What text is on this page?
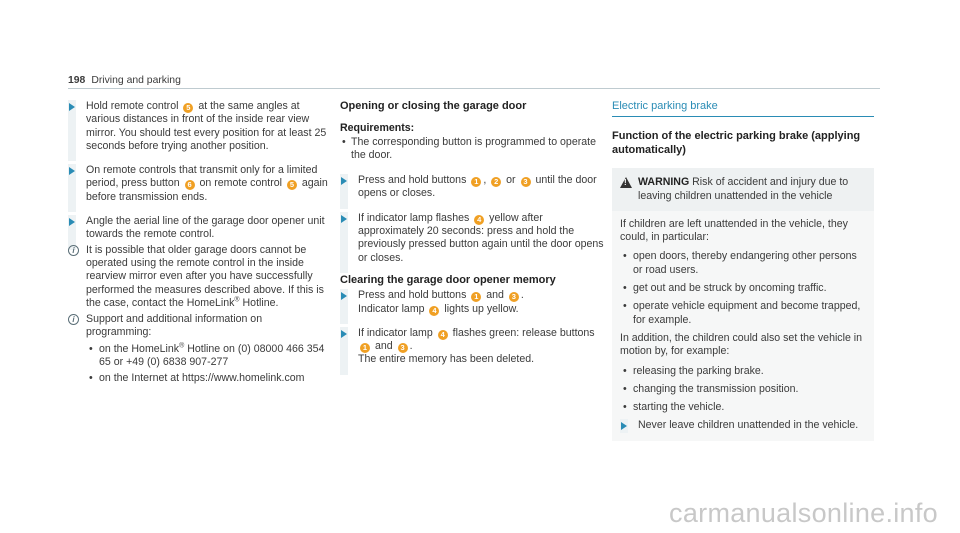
198 Driving and parking
Hold remote control 5 at the same angles at various distances in front of the inside rear view mirror. You should test every position for at least 25 seconds before trying another position.
On remote controls that transmit only for a limited period, press button 6 on remote control 5 again before transmission ends.
Angle the aerial line of the garage door opener unit towards the remote control.
i	It is possible that older garage doors cannot be operated using the remote control in the inside rearview mirror even after you have successfully performed the measures described above. If this is the case, contact the HomeLink® Hotline.
i	Support and additional information on programming:
• on the HomeLink® Hotline on (0) 08000 466 354 65 or +49 (0) 6838 907-277
• on the Internet at https://www.homelink.com
Opening or closing the garage door
Requirements:
• The corresponding button is programmed to operate the door.
Press and hold buttons 1 , 2 or 3 until the door opens or closes.
If indicator lamp flashes 4 yellow after approximately 20 seconds: press and hold the previously pressed button again until the door opens or closes.
Clearing the garage door opener memory
Press and hold buttons 1 and 3 .
Indicator lamp 4 lights up yellow.
If indicator lamp 4 flashes green: release buttons 1 and 3 .
The entire memory has been deleted.
Electric parking brake
Function of the electric parking brake (applying automatically)
!
WARNING Risk of accident and injury due to leaving children unattended in the vehicle

If children are left unattended in the vehicle, they could, in particular:

• open doors, thereby endangering other persons or road users.
• get out and be struck by oncoming traffic.
• operate vehicle equipment and become trapped, for example.

In addition, the children could also set the vehicle in motion by, for example:

• releasing the parking brake.
• changing the transmission position.
• starting the vehicle.
Never leave children unattended in the vehicle.
carmanualsonline.info
